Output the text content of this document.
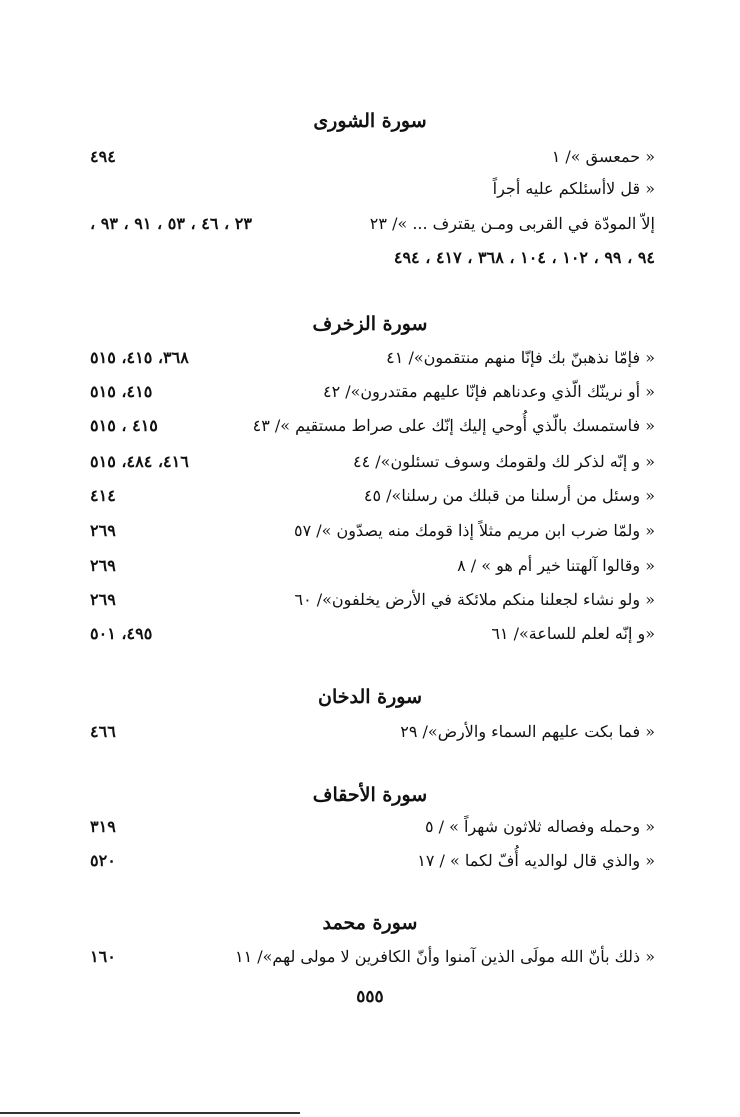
سورة الشورى
« حمعسق »/ ١
٤٩٤
« قل لاأسئلكم عليه أجراً
إلاّ المودّة في القربى ومـن يقترف ... »/ ٢٣
٢٣ ، ٤٦ ، ٥٣ ، ٩١ ، ٩٣ ،
٩٤ ، ٩٩ ، ١٠٢ ، ١٠٤ ، ٣٦٨ ، ٤١٧ ، ٤٩٤
سورة الزخرف
« فإمّا نذهبنّ بك فإنّا منهم منتقمون»/ ٤١
٣٦٨، ٤١٥، ٥١٥
« أو نرينّك الّذي وعدناهم فإنّا عليهم مقتدرون»/ ٤٢
٤١٥، ٥١٥
« فاستمسك بالّذي أُوحي إليك إنّك على صراط مستقيم »/ ٤٣
٤١٥ ، ٥١٥
« و إنّه لذكر لك ولقومك وسوف تسئلون»/ ٤٤
٤١٦، ٤٨٤، ٥١٥
« وسئل من أرسلنا من قبلك من رسلنا»/ ٤٥
٤١٤
« ولمّا ضرب ابن مريم مثلاً إذا قومك منه يصدّون »/ ٥٧
٢٦٩
« وقالوا آلهتنا خير أم هو » / ٨
٢٦٩
« ولو نشاء لجعلنا منكم ملائكة في الأرض يخلفون»/ ٦٠
٢٦٩
«و إنّه لعلم للساعة»/ ٦١
٤٩٥، ٥٠١
سورة الدخان
« فما بكت عليهم السماء والأرض»/ ٢٩
٤٦٦
سورة الأحقاف
« وحمله وفصاله ثلاثون شهراً » / ٥
٣١٩
« والذي قال لوالديه أُفّ لكما » / ١٧
٥٢٠
سورة محمد
« ذلك بأنّ الله مولَى الذين آمنوا وأنّ الكافرين لا مولى لهم»/ ١١
١٦٠
٥٥٥
